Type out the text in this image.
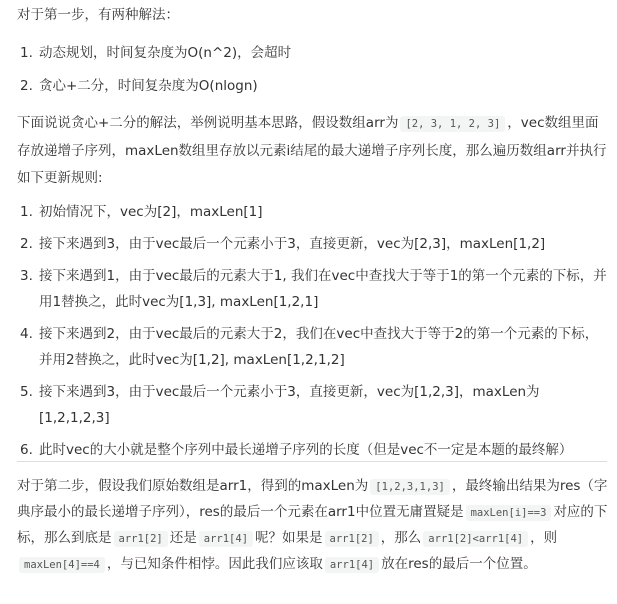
对于第一步，有两种解法：

1. 动态规划，时间复杂度为O(n^2)，会超时
2. 贪心+二分，时间复杂度为O(nlogn)

下面说说贪心+二分的解法，举例说明基本思路，假设数组arr为 [2, 3, 1, 2, 3] ，vec数组里面存放递增子序列，maxLen数组里存放以元素i结尾的最大递增子序列长度，那么遍历数组arr并执行如下更新规则:

1. 初始情况下，vec为[2]，maxLen[1]
2. 接下来遇到3，由于vec最后一个元素小于3，直接更新，vec为[2,3]，maxLen[1,2]
3. 接下来遇到1，由于vec最后的元素大于1, 我们在vec中查找大于等于1的第一个元素的下标，并用1替换之，此时vec为[1,3], maxLen[1,2,1]
4. 接下来遇到2，由于vec最后的元素大于2，我们在vec中查找大于等于2的第一个元素的下标，并用2替换之，此时vec为[1,2], maxLen[1,2,1,2]
5. 接下来遇到3，由于vec最后一个元素小于3，直接更新，vec为[1,2,3]，maxLen为[1,2,1,2,3]
6. 此时vec的大小就是整个序列中最长递增子序列的长度（但是vec不一定是本题的最终解）

对于第二步，假设我们原始数组是arr1，得到的maxLen为 [1,2,3,1,3] ，最终输出结果为res（字典序最小的最长递增子序列），res的最后一个元素在arr1中位置无庸置疑是 maxLen[i]==3 对应的下标，那么到底是 arr1[2] 还是 arr1[4] 呢？如果是 arr1[2] ，那么 arr1[2]<arr1[4] ，则maxLen[4]==4 ，与已知条件相悖。因此我们应该取 arr1[4] 放在res的最后一个位置。
